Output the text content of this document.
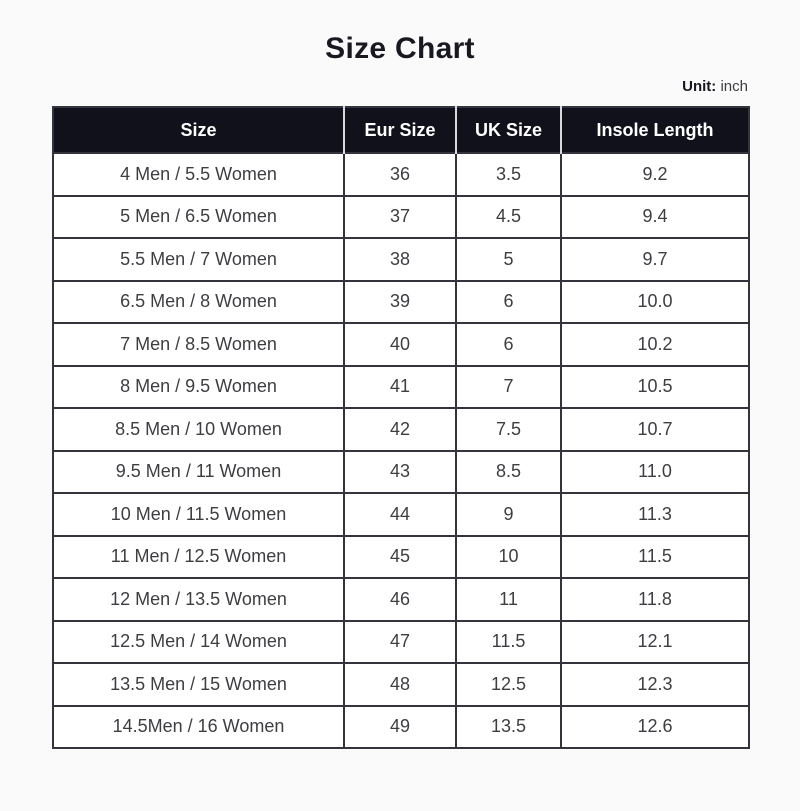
Size Chart
Unit: inch
Size	Eur Size	UK Size	Insole Length
4 Men / 5.5 Women	36	3.5	9.2
5 Men / 6.5 Women	37	4.5	9.4
5.5 Men / 7 Women	38	5	9.7
6.5 Men / 8 Women	39	6	10.0
7 Men / 8.5 Women	40	6	10.2
8 Men / 9.5 Women	41	7	10.5
8.5 Men / 10 Women	42	7.5	10.7
9.5 Men / 11 Women	43	8.5	11.0
10 Men / 11.5 Women	44	9	11.3
11 Men / 12.5 Women	45	10	11.5
12 Men / 13.5 Women	46	11	11.8
12.5 Men / 14 Women	47	11.5	12.1
13.5 Men / 15 Women	48	12.5	12.3
14.5Men / 16 Women	49	13.5	12.6
